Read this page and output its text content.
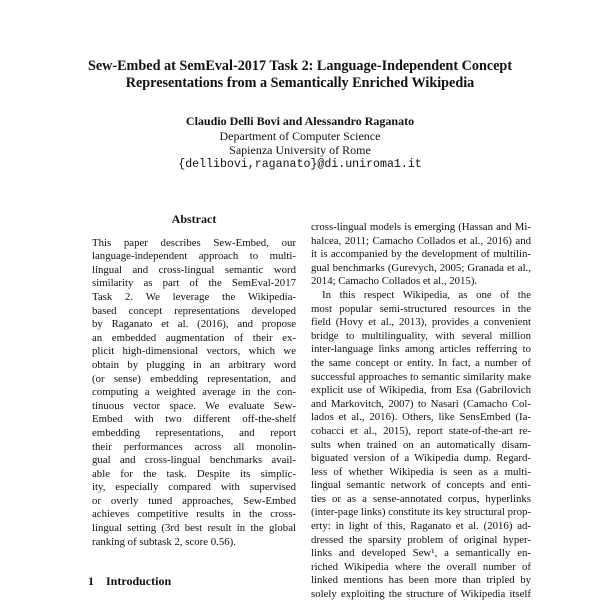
Sew-Embed at SemEval-2017 Task 2: Language-Independent Concept
Representations from a Semantically Enriched Wikipedia
Claudio Delli Bovi and Alessandro Raganato
Department of Computer Science
Sapienza University of Rome
{dellibovi,raganato}@di.uniroma1.it
Abstract
This paper describes Sew-Embed, our
language-independent approach to multi-
lingual and cross-lingual semantic word
similarity as part of the SemEval-2017
Task 2. We leverage the Wikipedia-
based concept representations developed
by Raganato et al. (2016), and propose
an embedded augmentation of their ex-
plicit high-dimensional vectors, which we
obtain by plugging in an arbitrary word
(or sense) embedding representation, and
computing a weighted average in the con-
tinuous vector space. We evaluate Sew-
Embed with two different off-the-shelf
embedding representations, and report
their performances across all monolin-
gual and cross-lingual benchmarks avail-
able for the task. Despite its simplic-
ity, especially compared with supervised
or overly tuned approaches, Sew-Embed
achieves competitive results in the cross-
lingual setting (3rd best result in the global
ranking of subtask 2, score 0.56).
1 Introduction
cross-lingual models is emerging (Hassan and Mi-
halcea, 2011; Camacho Collados et al., 2016) and
it is accompanied by the development of multilin-
gual benchmarks (Gurevych, 2005; Granada et al.,
2014; Camacho Collados et al., 2015).
In this respect Wikipedia, as one of the
most popular semi-structured resources in the
field (Hovy et al., 2013), provides a convenient
bridge to multilinguality, with several million
inter-language links among articles refferring to
the same concept or entity. In fact, a number of
successful approaches to semantic similarity make
explicit use of Wikipedia, from Esa (Gabrilovich
and Markovitch, 2007) to Nasari (Camacho Col-
lados et al., 2016). Others, like SensEmbed (Ia-
cobacci et al., 2015), report state-of-the-art re-
sults when trained on an automatically disam-
biguated version of a Wikipedia dump. Regard-
less of whether Wikipedia is seen as a multi-
lingual semantic network of concepts and enti-
ties or as a sense-annotated corpus, hyperlinks
(inter-page links) constitute its key structural prop-
erty: in light of this, Raganato et al. (2016) ad-
dressed the sparsity problem of original hyper-
links and developed Sew¹, a semantically en-
riched Wikipedia where the overall number of
linked mentions has been more than tripled by
solely exploiting the structure of Wikipedia itself
